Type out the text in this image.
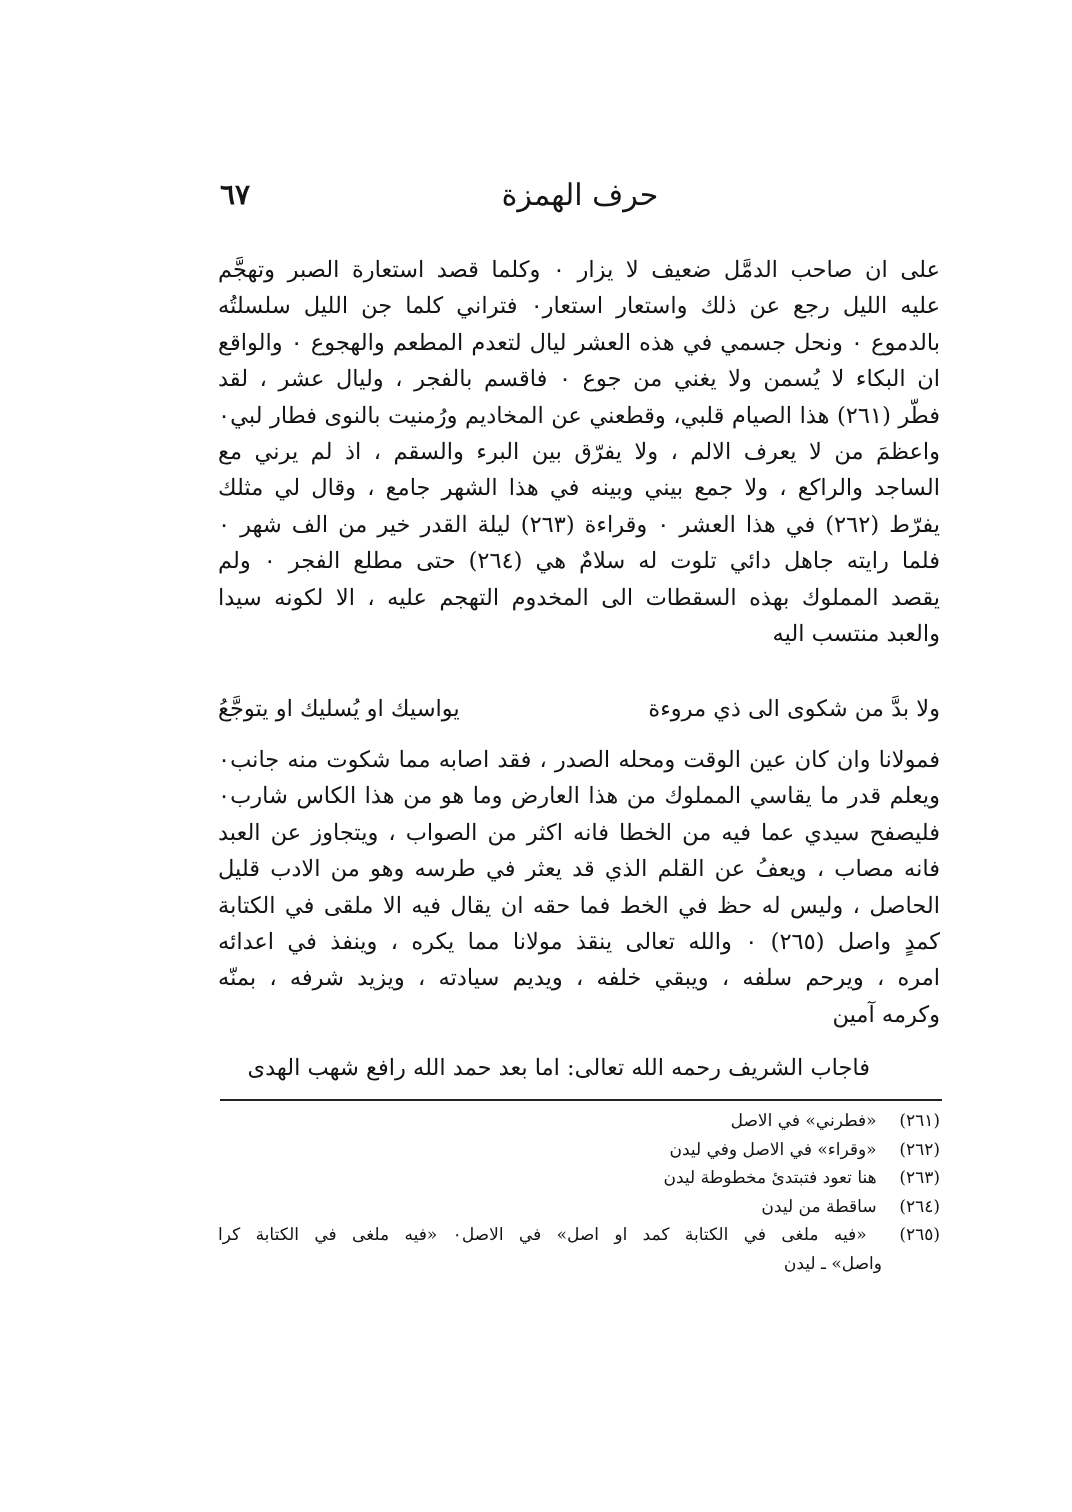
٦٧	حرف الهمزة
على ان صاحب الدمَّل ضعيف لا يزار ٠ وكلما قصد استعارة الصبر وتهجَّم
عليه الليل رجع عن ذلك واستعار استعار٠ فتراني كلما جن الليل سلسلتُه
بالدموع ٠ ونحل جسمي في هذه العشر ليال لتعدم المطعم والهجوع ٠ والواقع
ان البكاء لا يُسمن ولا يغني من جوع ٠ فاقسم بالفجر ، وليال عشر ، لقد
فطَّر (٢٦١) هذا الصيام قلبي، وقطعني عن المخاديم ورُمنيت بالنوى فطار لبي٠
واعظمَ من لا يعرف الالم ، ولا يفرّق بين البرء والسقم ، اذ لم يرني مع
الساجد والراكع ، ولا جمع بيني وبينه في هذا الشهر جامع ، وقال لي مثلك
يفرّط (٢٦٢) في هذا العشر ٠ وقراءة (٢٦٣) ليلة القدر خير من الف شهر ٠
فلما رايته جاهل دائي تلوت له سلامٌ هي (٢٦٤) حتى مطلع الفجر ٠ ولم
يقصد المملوك بهذه السقطات الى المخدوم التهجم عليه ، الا لكونه سيدا
والعبد منتسب اليه
ولا بدَّ من شكوى الى ذي مروءة
يواسيك او يُسليك او يتوجَّعُ
فمولانا وان كان عين الوقت ومحله الصدر ، فقد اصابه مما شكوت منه جانب٠
ويعلم قدر ما يقاسي المملوك من هذا العارض وما هو من هذا الكاس شارب٠
فليصفح سيدي عما فيه من الخطا فانه اكثر من الصواب ، ويتجاوز عن العبد
فانه مصاب ، ويعفُ عن القلم الذي قد يعثر في طرسه وهو من الادب قليل
الحاصل ، وليس له حظ في الخط فما حقه ان يقال فيه الا ملقى في الكتابة
كمدٍ واصل (٢٦٥) ٠ والله تعالى ينقذ مولانا مما يكره ، وينفذ في اعدائه
امره ، ويرحم سلفه ، ويبقي خلفه ، ويديم سيادته ، ويزيد شرفه ، بمنّه
وكرمه آمين
فاجاب الشريف رحمه الله تعالى: اما بعد حمد الله رافع شهب الهدى
(٢٦١) «فطرني» في الاصل
(٢٦٢) «وقراء» في الاصل وفي ليدن
(٢٦٣) هنا تعود فتبتدئ مخطوطة ليدن
(٢٦٤) ساقطة من ليدن
(٢٦٥) «فيه ملغى في الكتابة كمد او اصل» في الاصل٠ «فيه ملغى في الكتابة كرا
واصل» ـ ليدن
